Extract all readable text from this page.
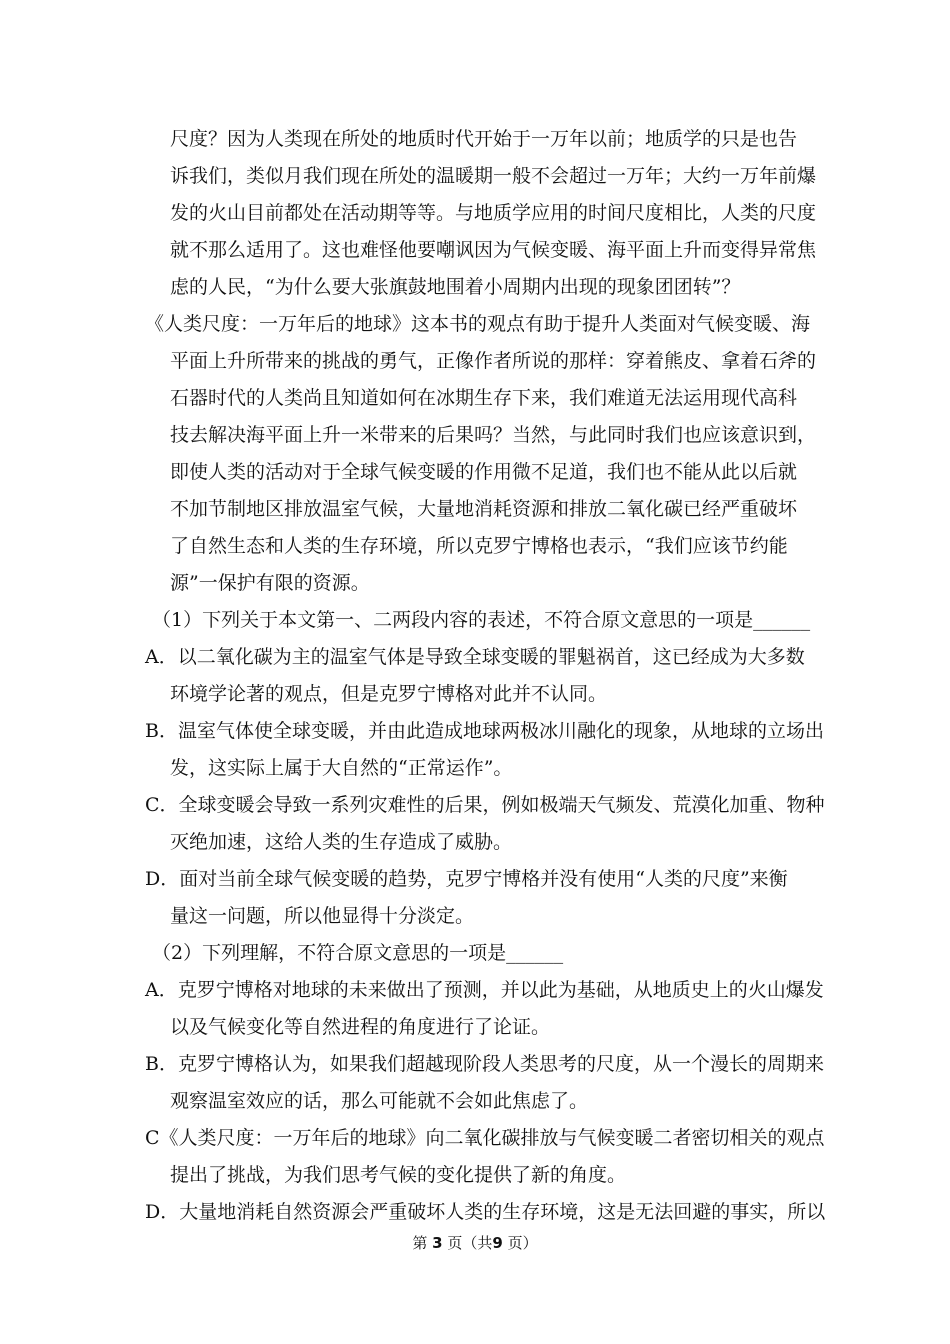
尺度？因为人类现在所处的地质时代开始于一万年以前；地质学的只是也告
诉我们，类似月我们现在所处的温暖期一般不会超过一万年；大约一万年前爆
发的火山目前都处在活动期等等。与地质学应用的时间尺度相比，人类的尺度
就不那么适用了。这也难怪他要嘲讽因为气候变暖、海平面上升而变得异常焦
虑的人民，“为什么要大张旗鼓地围着小周期内出现的现象团团转”？
《人类尺度：一万年后的地球》这本书的观点有助于提升人类面对气候变暖、海
平面上升所带来的挑战的勇气，正像作者所说的那样：穿着熊皮、拿着石斧的
石器时代的人类尚且知道如何在冰期生存下来，我们难道无法运用现代高科
技去解决海平面上升一米带来的后果吗？当然，与此同时我们也应该意识到，
即使人类的活动对于全球气候变暖的作用微不足道，我们也不能从此以后就
不加节制地区排放温室气候，大量地消耗资源和排放二氧化碳已经严重破坏
了自然生态和人类的生存环境，所以克罗宁博格也表示，“我们应该节约能
源”一保护有限的资源。
（1）下列关于本文第一、二两段内容的表述，不符合原文意思的一项是______
A．以二氧化碳为主的温室气体是导致全球变暖的罪魁祸首，这已经成为大多数
环境学论著的观点，但是克罗宁博格对此并不认同。
B．温室气体使全球变暖，并由此造成地球两极冰川融化的现象，从地球的立场出
发，这实际上属于大自然的“正常运作”。
C．全球变暖会导致一系列灾难性的后果，例如极端天气频发、荒漠化加重、物种
灭绝加速，这给人类的生存造成了威胁。
D．面对当前全球气候变暖的趋势，克罗宁博格并没有使用“人类的尺度”来衡
量这一问题，所以他显得十分淡定。
（2）下列理解，不符合原文意思的一项是______
A．克罗宁博格对地球的未来做出了预测，并以此为基础，从地质史上的火山爆发
以及气候变化等自然进程的角度进行了论证。
B．克罗宁博格认为，如果我们超越现阶段人类思考的尺度，从一个漫长的周期来
观察温室效应的话，那么可能就不会如此焦虑了。
C《人类尺度：一万年后的地球》向二氧化碳排放与气候变暖二者密切相关的观点
提出了挑战，为我们思考气候的变化提供了新的角度。
D．大量地消耗自然资源会严重破坏人类的生存环境，这是无法回避的事实，所以
第 3 页（共9 页）
